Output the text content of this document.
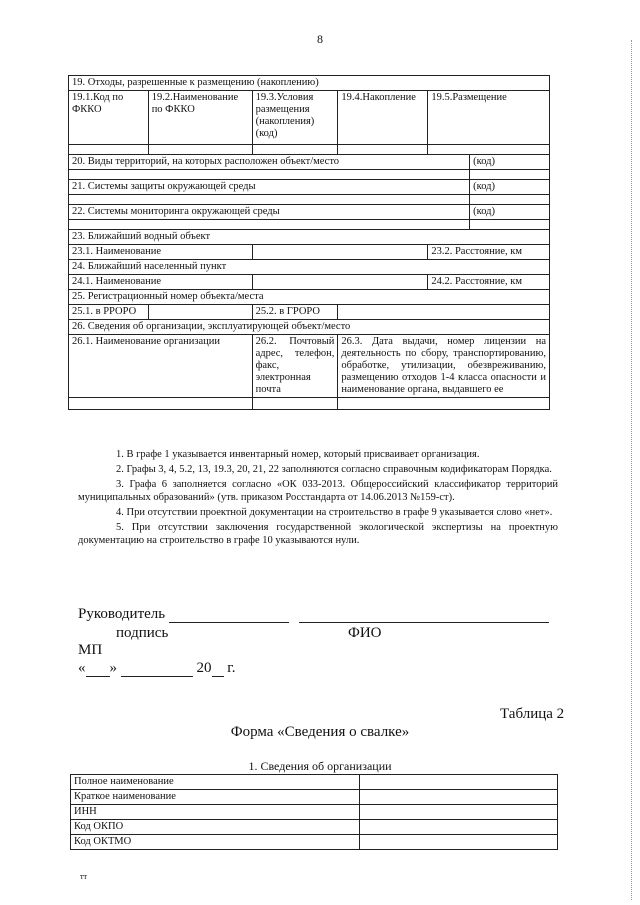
8
19. Отходы, разрешенные к размещению (накоплению)					
19.1.Код по ФККО	19.2.Наименование по ФККО	19.3.Условия размещения (накопления) (код)	19.4.Накопление	19.5.Размещение	

20. Виды территорий, на которых расположен объект/место					(код)

21. Системы защиты окружающей среды					(код)

22. Системы мониторинга окружающей среды					(код)

23. Ближайший водный объект					
23.1. Наименование				23.2. Расстояние, км	
24. Ближайший населенный пункт					
24.1. Наименование				24.2. Расстояние, км	
25. Регистрационный номер объекта/места					
25.1. в РРОРО		25.2. в ГРОРО			
26. Сведения об организации, эксплуатирующей объект/место					
26.1. Наименование организации		26.2. Почтовый адрес, телефон, факс, электронная почта	26.3. Дата выдачи, номер лицензии на деятельность по сбору, транспортированию, обработке, утилизации, обезвреживанию, размещению отходов 1-4 класса опасности и наименование органа, выдавшего ее		

1. В графе 1 указывается инвентарный номер, который присваивает организация.

2. Графы 3, 4, 5.2, 13, 19.3, 20, 21, 22 заполняются согласно справочным кодификаторам Порядка.

3. Графа 6 заполняется согласно «ОК 033-2013. Общероссийский классификатор территорий муниципальных образований» (утв. приказом Росстандарта от 14.06.2013 №159-ст).

4. При отсутствии проектной документации на строительство в графе 9 указывается слово «нет».

5. При отсутствии заключения государственной экологической экспертизы на проектную документацию на строительство в графе 10 указываются нули.

Руководитель
подпись	ФИО
МП
« »	20 г.
Таблица 2
Форма «Сведения о свалке»
1. Сведения об организации
Полное наименование	
Краткое наименование	
ИНН	
Код ОКПО	
Код ОКТМО	
тт
